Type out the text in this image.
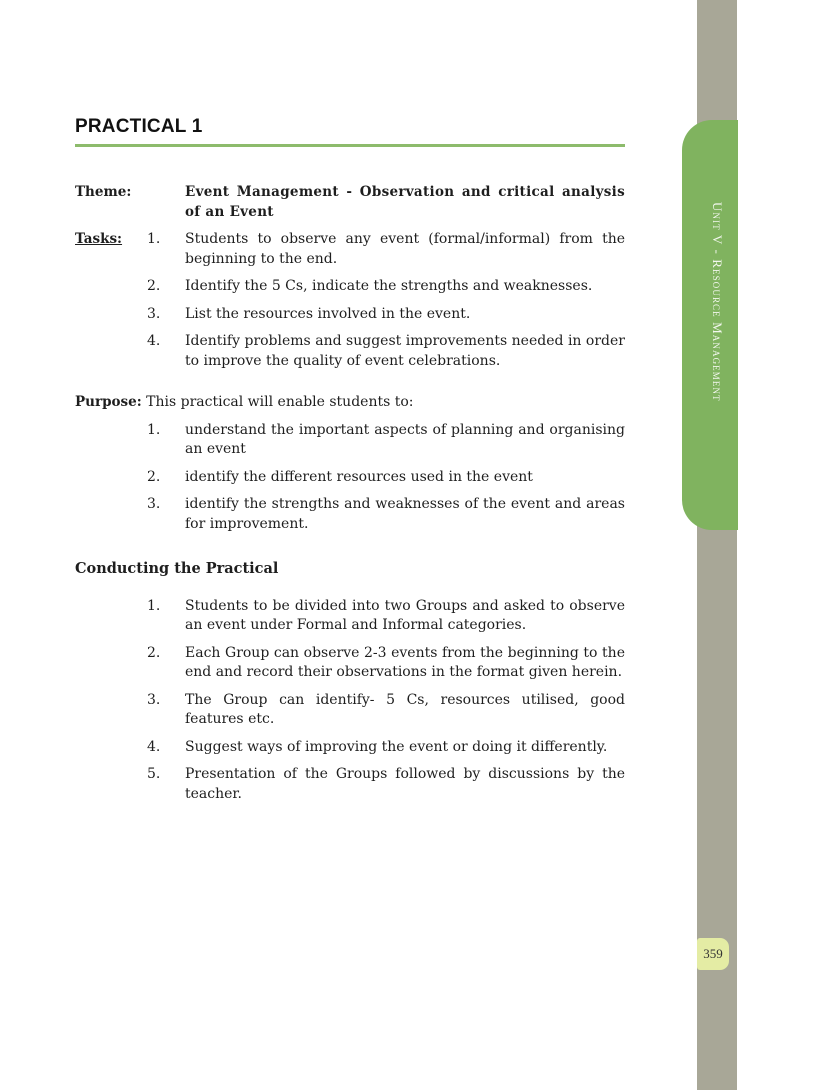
Unit V - Resource Management
359
PRACTICAL 1
Theme:	Event Management - Observation and critical analysis of an Event
Tasks: 1. Students to observe any event (formal/informal) from the beginning to the end.
2. Identify the 5 Cs, indicate the strengths and weaknesses.
3. List the resources involved in the event.
4. Identify problems and suggest improvements needed in order to improve the quality of event celebrations.
Purpose: This practical will enable students to:
1. understand the important aspects of planning and organising an event
2. identify the different resources used in the event
3. identify the strengths and weaknesses of the event and areas for improvement.
Conducting the Practical
1. Students to be divided into two Groups and asked to observe an event under Formal and Informal categories.
2. Each Group can observe 2-3 events from the beginning to the end and record their observations in the format given herein.
3. The Group can identify- 5 Cs, resources utilised, good features etc.
4. Suggest ways of improving the event or doing it differently.
5. Presentation of the Groups followed by discussions by the teacher.
